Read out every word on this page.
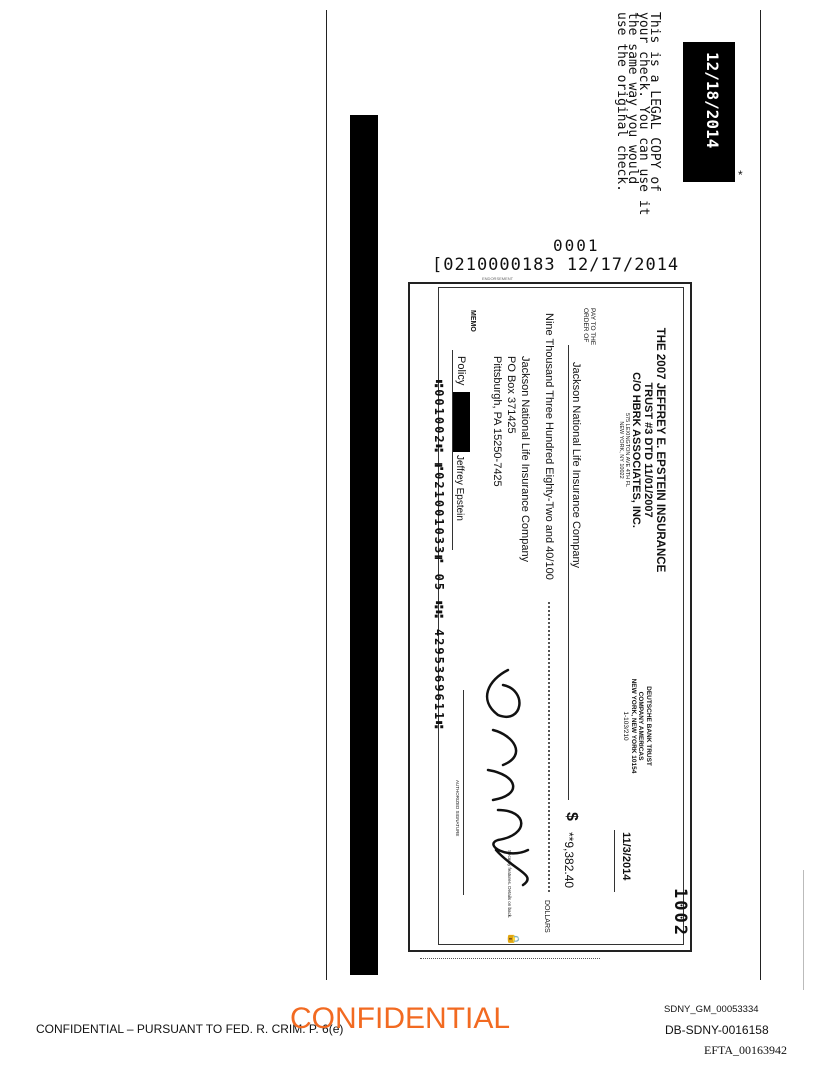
This is a LEGAL COPY of
your check. You can use it
the same way you would
use the original check.	12/18/2014
*
0001
[0210000183 12/17/2014
ENDORSEMENT
1002
THE 2007 JEFFREY E. EPSTEIN INSURANCE
TRUST #3 DTD 11/01/2007
C/O HBRK ASSOCIATES, INC.
575 LEXINGTON AVE 4TH FL
NEW YORK, NY 10022
DEUTSCHE BANK TRUST
COMPANY AMERICAS
NEW YORK, NEW YORK 10154
1-103/210
11/3/2014
PAY TO THE
ORDER OF
Jackson National Life Insurance Company
$
**9,382.40
Nine Thousand Three Hundred Eighty-Two and 40/100
DOLLARS
Jackson National Life Insurance Company
PO Box 371425
Pittsburgh, PA 15250-7425
MEMO
Policy
Jeffrey Epstein
AUTHORIZED SIGNATURE
⑆001002⑆ ⑈021001033⑈ 05 ⑆⑆ 4295369611⑆
🔒
Security features. Details on back.
SDNY_GM_00053334
CONFIDENTIAL – PURSUANT TO FED. R. CRIM. P. 6(e)
CONFIDENTIAL	DB-SDNY-0016158
EFTA_00163942
